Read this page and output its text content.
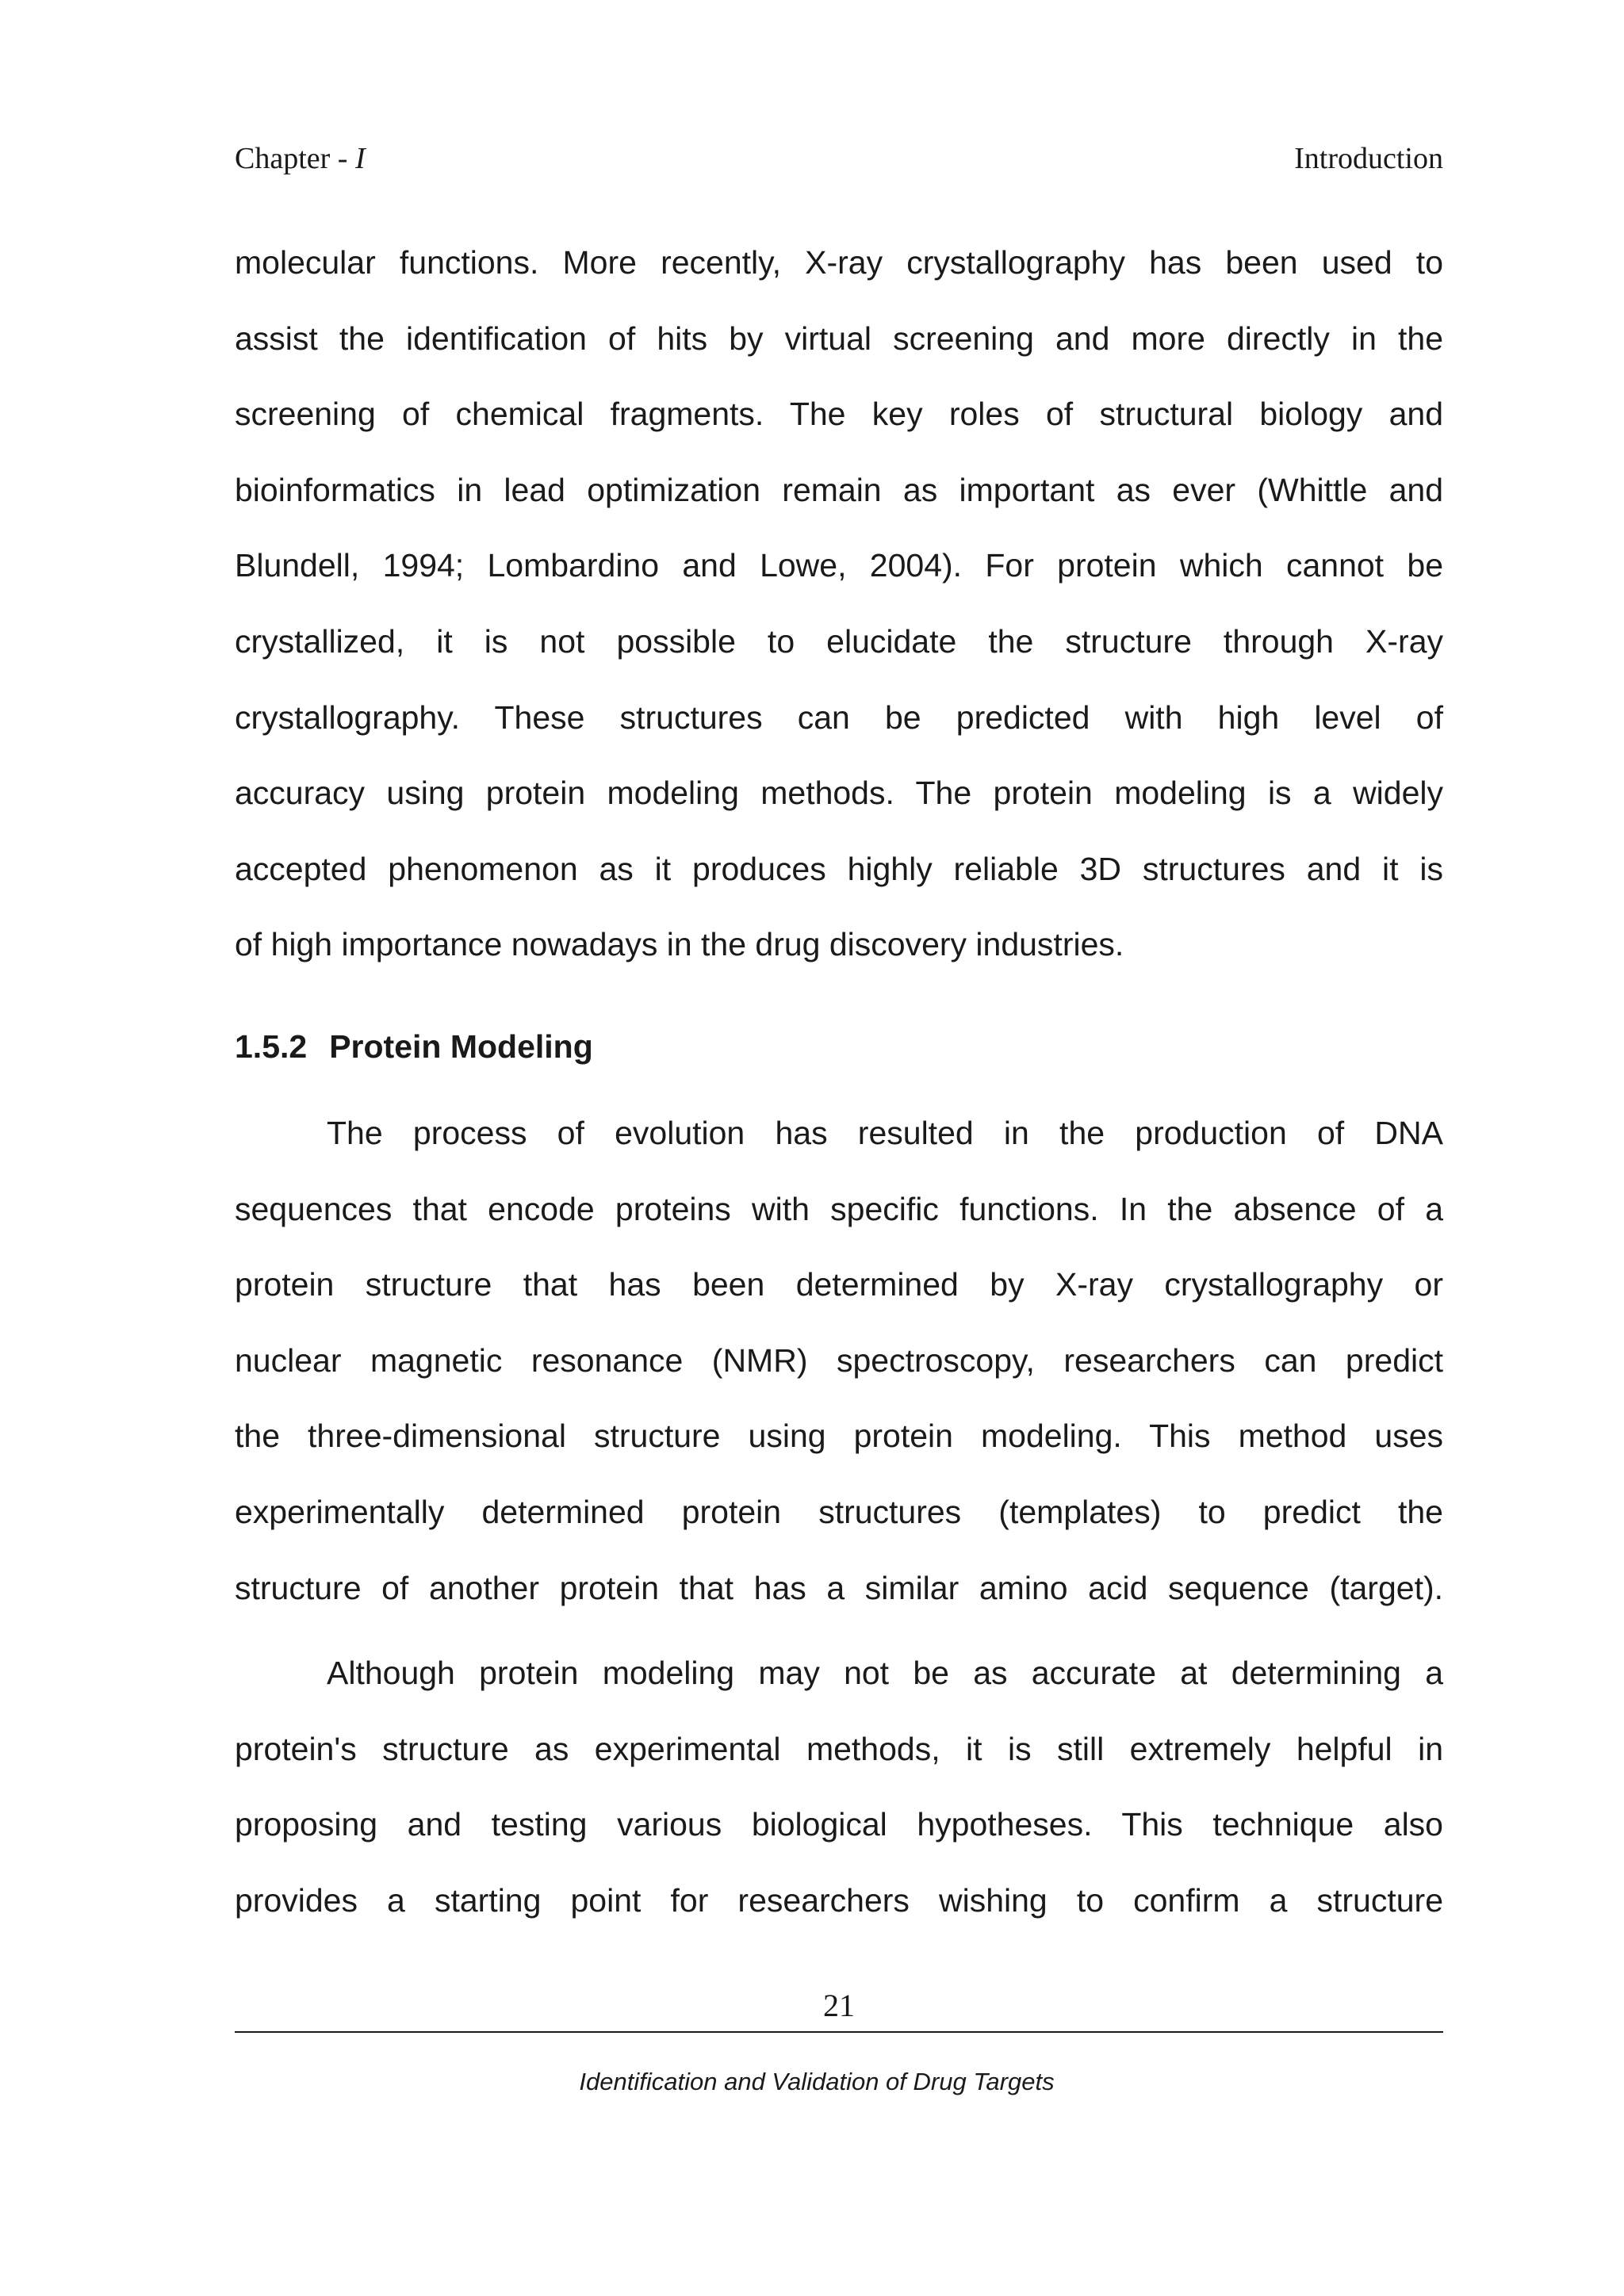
Chapter - I	Introduction
molecular functions. More recently, X-ray crystallography has been used to
assist the identification of hits by virtual screening and more directly in the
screening of chemical fragments. The key roles of structural biology and
bioinformatics in lead optimization remain as important as ever (Whittle and
Blundell, 1994; Lombardino and Lowe, 2004). For protein which cannot be
crystallized, it is not possible to elucidate the structure through X-ray
crystallography. These structures can be predicted with high level of
accuracy using protein modeling methods. The protein modeling is a widely
accepted phenomenon as it produces highly reliable 3D structures and it is
of high importance nowadays in the drug discovery industries.
1.5.2 Protein Modeling
The process of evolution has resulted in the production of DNA
sequences that encode proteins with specific functions. In the absence of a
protein structure that has been determined by X-ray crystallography or
nuclear magnetic resonance (NMR) spectroscopy, researchers can predict
the three-dimensional structure using protein modeling. This method uses
experimentally determined protein structures (templates) to predict the
structure of another protein that has a similar amino acid sequence (target).
Although protein modeling may not be as accurate at determining a
protein's structure as experimental methods, it is still extremely helpful in
proposing and testing various biological hypotheses. This technique also
provides a starting point for researchers wishing to confirm a structure
21
Identification and Validation of Drug Targets
